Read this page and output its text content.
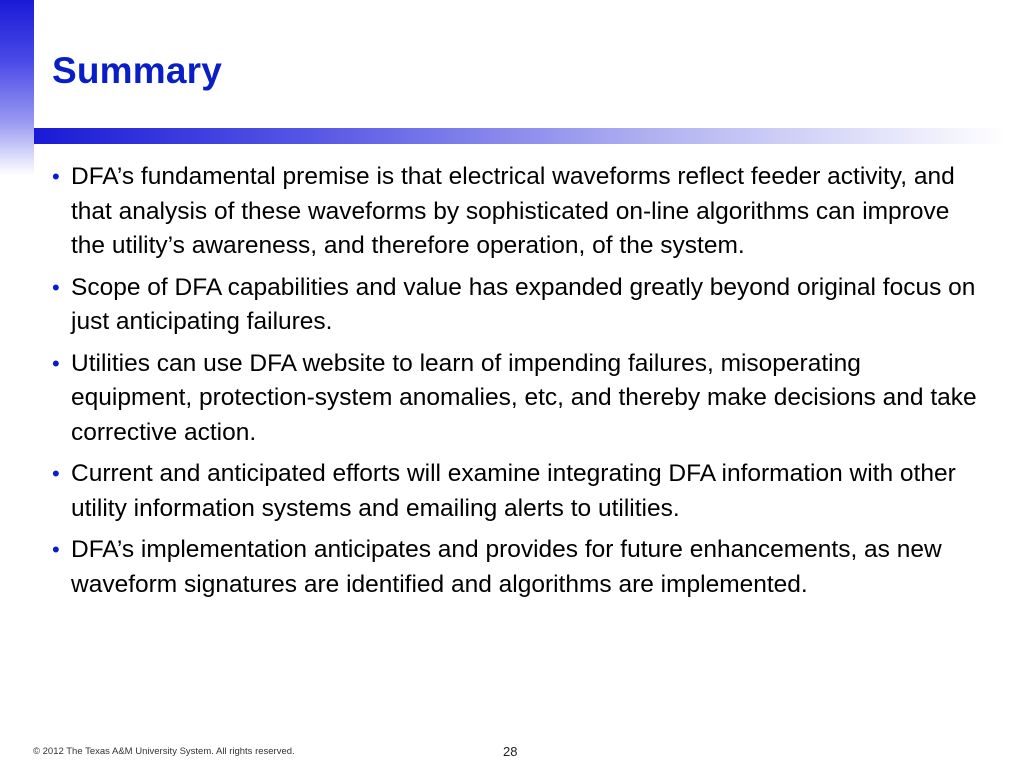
Summary
• DFA’s fundamental premise is that electrical waveforms reflect feeder activity, and that analysis of these waveforms by sophisticated on-line algorithms can improve the utility’s awareness, and therefore operation, of the system.
• Scope of DFA capabilities and value has expanded greatly beyond original focus on just anticipating failures.
• Utilities can use DFA website to learn of impending failures, misoperating equipment, protection-system anomalies, etc, and thereby make decisions and take corrective action.
• Current and anticipated efforts will examine integrating DFA information with other utility information systems and emailing alerts to utilities.
• DFA’s implementation anticipates and provides for future enhancements, as new waveform signatures are identified and algorithms are implemented.
© 2012 The Texas A&M University System. All rights reserved.	28
